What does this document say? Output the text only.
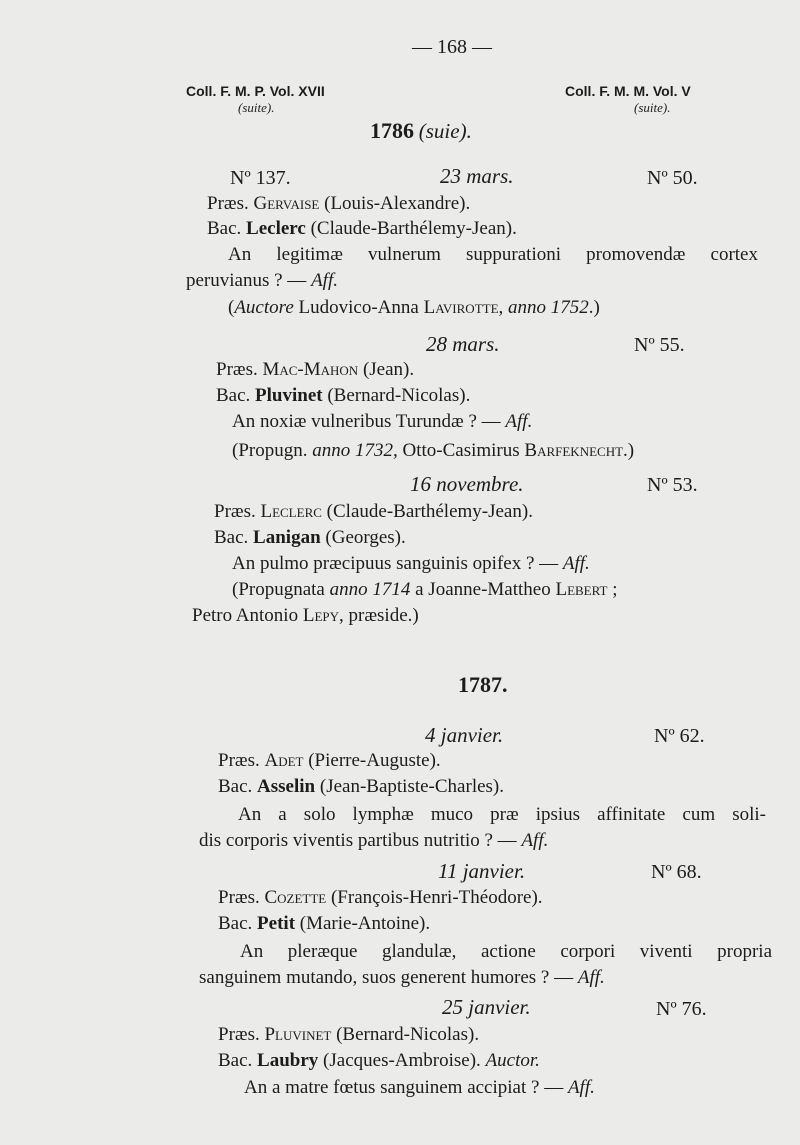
— 168 —
Coll. F. M. P. Vol. XVII
(suite).
Coll. F. M. M. Vol. V
(suite).
1786 (suie).
Nº 137.	23 mars.	Nº 50.
Præs. Gervaise (Louis-Alexandre).
Bac. Leclerc (Claude-Barthélemy-Jean).
An legitimæ vulnerum suppurationi promovendæ cortex
peruvianus ? — Aff.
(Auctore Ludovico-Anna Lavirotte, anno 1752.)
28 mars.	Nº 55.
Præs. Mac-Mahon (Jean).
Bac. Pluvinet (Bernard-Nicolas).
An noxiæ vulneribus Turundæ ? — Aff.
(Propugn. anno 1732, Otto-Casimirus Barfeknecht.)
16 novembre.	Nº 53.
Præs. Leclerc (Claude-Barthélemy-Jean).
Bac. Lanigan (Georges).
An pulmo præcipuus sanguinis opifex ? — Aff.
(Propugnata anno 1714 a Joanne-Mattheo Lebert ;
Petro Antonio Lepy, præside.)
1787.
4 janvier.	Nº 62.
Præs. Adet (Pierre-Auguste).
Bac. Asselin (Jean-Baptiste-Charles).
An a solo lymphæ muco præ ipsius affinitate cum soli-
dis corporis viventis partibus nutritio ? — Aff.
11 janvier.	Nº 68.
Præs. Cozette (François-Henri-Théodore).
Bac. Petit (Marie-Antoine).
An pleræque glandulæ, actione corpori viventi propria
sanguinem mutando, suos generent humores ? — Aff.
25 janvier.	Nº 76.
Præs. Pluvinet (Bernard-Nicolas).
Bac. Laubry (Jacques-Ambroise). Auctor.
An a matre fœtus sanguinem accipiat ? — Aff.
